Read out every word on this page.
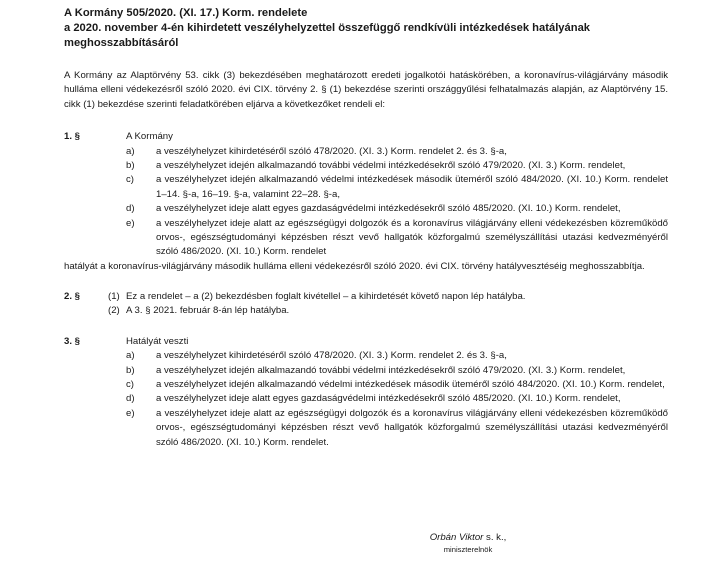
A Kormány 505/2020. (XI. 17.) Korm. rendelete
a 2020. november 4-én kihirdetett veszélyhelyzettel összefüggő rendkívüli intézkedések hatályának
meghosszabbításáról
A Kormány az Alaptörvény 53. cikk (3) bekezdésében meghatározott eredeti jogalkotói hatáskörében, a koronavírus-világjárvány második hulláma elleni védekezésről szóló 2020. évi CIX. törvény 2. § (1) bekezdése szerinti országgyűlési felhatalmazás alapján, az Alaptörvény 15. cikk (1) bekezdése szerinti feladatkörében eljárva a következőket rendeli el:
1. §	A Kormány
a) a veszélyhelyzet kihirdetéséről szóló 478/2020. (XI. 3.) Korm. rendelet 2. és 3. §-a,
b) a veszélyhelyzet idején alkalmazandó további védelmi intézkedésekről szóló 479/2020. (XI. 3.) Korm. rendelet,
c) a veszélyhelyzet idején alkalmazandó védelmi intézkedések második üteméről szóló 484/2020. (XI. 10.) Korm. rendelet 1–14. §-a, 16–19. §-a, valamint 22–28. §-a,
d) a veszélyhelyzet ideje alatt egyes gazdaságvédelmi intézkedésekről szóló 485/2020. (XI. 10.) Korm. rendelet,
e) a veszélyhelyzet ideje alatt az egészségügyi dolgozók és a koronavírus világjárvány elleni védekezésben közreműködő orvos-, egészségtudományi képzésben részt vevő hallgatók közforgalmú személyszállítási utazási kedvezményéről szóló 486/2020. (XI. 10.) Korm. rendelet
hatályát a koronavírus-világjárvány második hulláma elleni védekezésről szóló 2020. évi CIX. törvény hatályvesztéséig meghosszabbítja.
2. §	(1) Ez a rendelet – a (2) bekezdésben foglalt kivétellel – a kihirdetését követő napon lép hatályba.
(2) A 3. § 2021. február 8-án lép hatályba.
3. §	Hatályát veszti
a) a veszélyhelyzet kihirdetéséről szóló 478/2020. (XI. 3.) Korm. rendelet 2. és 3. §-a,
b) a veszélyhelyzet idején alkalmazandó további védelmi intézkedésekről szóló 479/2020. (XI. 3.) Korm. rendelet,
c) a veszélyhelyzet idején alkalmazandó védelmi intézkedések második üteméről szóló 484/2020. (XI. 10.) Korm. rendelet,
d) a veszélyhelyzet ideje alatt egyes gazdaságvédelmi intézkedésekről szóló 485/2020. (XI. 10.) Korm. rendelet,
e) a veszélyhelyzet ideje alatt az egészségügyi dolgozók és a koronavírus világjárvány elleni védekezésben közreműködő orvos-, egészségtudományi képzésben részt vevő hallgatók közforgalmú személyszállítási utazási kedvezményéről szóló 486/2020. (XI. 10.) Korm. rendelet.
Orbán Viktor s. k.,
miniszterelnök
